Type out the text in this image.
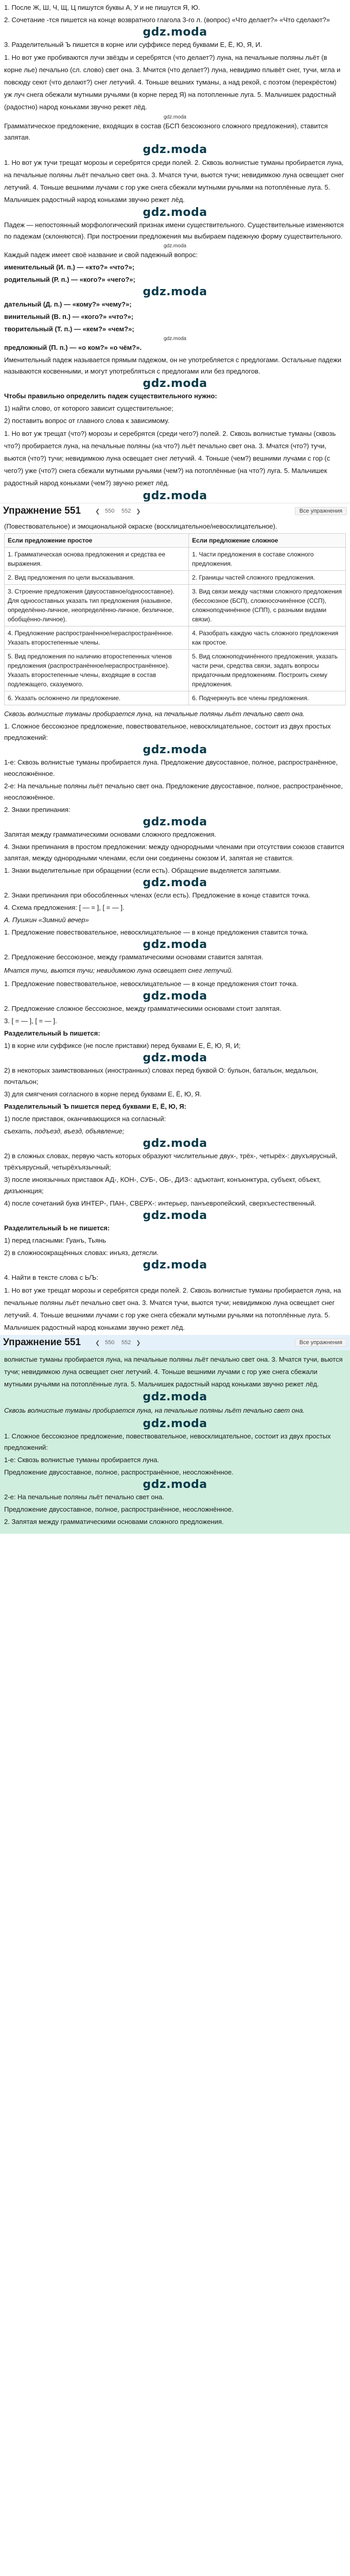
1. После Ж, Ш, Ч, Щ, Ц пишутся буквы А, У и не пишутся Я, Ю.

2. Сочетание -тся пишется на конце возвратного глагола 3-го л. (вопрос) «Что делает?» «Что сделают?»

gdz.moda

3. Разделительный Ъ пишется в корне или суффиксе перед буквами Е, Ё, Ю, Я, И.

1. Но вот уже пробиваются лучи звёзды и серебрятся (что делает?) луна, на печальные поляны льёт (в корне лье) печально (сл. слово) свет она. 3. Мчится (что делает?) луна, невидимо плывёт снег, тучи, мгла и повсюду сеют (что делают?) снег летучий. 4. Тоньше вешних туманы, а над рекой, с поэтом (перекрёстом) уж луч снега обежали мутными ручьями (в корне перед Я) на потопленные луга. 5. Мальчишек радостный (радостно) народ коньками звучно режет лёд.

gdz.moda

Грамматическое предложение, входящих в состав (БСП безсоюзного сложного предложения), ставится запятая.

gdz.moda

1. Но вот уж тучи трещат морозы и серебрятся среди полей. 2. Сквозь волнистые туманы пробирается луна, на печальные поляны льёт печально свет она. 3. Мчатся тучи, вьются тучи; невидимкою луна освещает снег летучий. 4. Тоньше вешними лучами с гор уже снега сбежали мутными ручьями на потоплённые луга. 5. Мальчишек радостный народ коньками звучно режет лёд.

gdz.moda

Падеж — непостоянный морфологический признак имени существительного. Существительные изменяются по падежам (склоняются). При построении предложения мы выбираем падежную форму существительного.

gdz.moda

Каждый падеж имеет своё название и свой падежный вопрос:

именительный (И. п.) — «кто?» «что?»;

родительный (Р. п.) — «кого?» «чего?»;

gdz.moda

дательный (Д. п.) — «кому?» «чему?»;

винительный (В. п.) — «кого?» «что?»;

творительный (Т. п.) — «кем?» «чем?»;

gdz.moda

предложный (П. п.) — «о ком?» «о чём?».

Именительный падеж называется прямым падежом, он не употребляется с предлогами. Остальные падежи называются косвенными, и могут употребляться с предлогами или без предлогов.

gdz.moda

Чтобы правильно определить падеж существительного нужно:

1) найти слово, от которого зависит существительное;

2) поставить вопрос от главного слова к зависимому.

1. Но вот уж трещат (что?) морозы и серебрятся (среди чего?) полей. 2. Сквозь волнистые туманы (сквозь что?) пробирается луна, на печальные поляны (на что?) льёт печально свет она. 3. Мчатся (что?) тучи, вьются (что?) тучи; невидимкою луна освещает снег летучий. 4. Тоньше (чем?) вешними лучами с гор (с чего?) уже (что?) снега сбежали мутными ручьями (чем?) на потоплённые (на что?) луга. 5. Мальчишек радостный народ коньками (чем?) звучно режет лёд.

gdz.moda
Упражнение 551	❮ 550	552 ❯	Все упражнения

(Повествовательное) и эмоциональной окраске (восклицательное/невосклицательное).

Если предложение простое	Если предложение сложное
1. Грамматическая основа предложения и средства ее выражения.	1. Части предложения в составе сложного предложения.
2. Вид предложения по цели высказывания.	2. Границы частей сложного предложения.
3. Строение предложения (двусоставное/односоставное). Для односоставных указать тип предложения (назывное, определённо-личное, неопределённо-личное, безличное, обобщённо-личное).	3. Вид связи между частями сложного предложения (бессоюзное (БСП), сложносочинённое (ССП), сложноподчинённое (СПП), с разными видами связи).
4. Предложение распространённое/нераспространённое. Указать второстепенные члены.	4. Разобрать каждую часть сложного предложения как простое.
5. Вид предложения по наличию второстепенных членов предложения (распространённое/нераспространённое). Указать второстепенные члены, входящие в состав подлежащего, сказуемого.	5. Вид сложноподчинённого предложения, указать части речи, средства связи, задать вопросы придаточным предложениям. Построить схему предложения.
6. Указать осложнено ли предложение.	6. Подчеркнуть все члены предложения.

Сквозь волнистые туманы пробирается луна, на печальные поляны льёт печально свет она.

1. Сложное бессоюзное предложение, повествовательное, невосклицательное, состоит из двух простых предложений:

gdz.moda

1-е: Сквозь волнистые туманы пробирается луна. Предложение двусоставное, полное, распространённое, неосложнённое.

2-е: На печальные поляны льёт печально свет она. Предложение двусоставное, полное, распространённое, неосложнённое.

2. Знаки препинания:

gdz.moda

Запятая между грамматическими основами сложного предложения.

4. Знаки препинания в простом предложении: между однородными членами при отсутствии союзов ставится запятая, между однородными членами, если они соединены союзом И, запятая не ставится.

1. Знаки выделительные при обращении (если есть). Обращение выделяется запятыми.

gdz.moda

2. Знаки препинания при обособленных членах (если есть). Предложение в конце ставится точка.

4. Схема предложения: [ — = ], [ = — ].

А. Пушкин «Зимний вечер»

1. Предложение повествовательное, невосклицательное — в конце предложения ставится точка.

gdz.moda

2. Предложение бессоюзное, между грамматическими основами ставится запятая.

Мчатся тучи, вьются тучи; невидимкою луна освещает снег летучий.

1. Предложение повествовательное, невосклицательное — в конце предложения стоит точка.

gdz.moda

2. Предложение сложное бессоюзное, между грамматическими основами стоит запятая.

3. [ = — ], [ = — ].

Разделительный Ь пишется:

1) в корне или суффиксе (не после приставки) перед буквами Е, Ё, Ю, Я, И;

gdz.moda

2) в некоторых заимствованных (иностранных) словах перед буквой О: бульон, батальон, медальон, почтальон;

3) для смягчения согласного в корне перед буквами Е, Ё, Ю, Я.

Разделительный Ъ пишется перед буквами Е, Ё, Ю, Я:

1) после приставок, оканчивающихся на согласный:

съехать, подъезд, въезд, объявление;

gdz.moda

2) в сложных словах, первую часть которых образуют числительные двух-, трёх-, четырёх-: двухъярусный, трёхъярусный, четырёхъязычный;

3) после иноязычных приставок АД-, КОН-, СУБ-, ОБ-, ДИЗ-: адъютант, конъюнктура, субъект, объект, дизъюнкция;

4) после сочетаний букв ИНТЕР-, ПАН-, СВЕРХ-: интерьер, панъевропейский, сверхъестественный.

gdz.moda

Разделительный Ь не пишется:

1) перед гласными: Гуанъ, Тьянь

2) в сложносокращённых словах: инъяз, детясли.

gdz.moda

4. Найти в тексте слова с Ь/Ъ:

1. Но вот уже трещат морозы и серебрятся среди полей. 2. Сквозь волнистые туманы пробирается луна, на печальные поляны льёт печально свет она. 3. Мчатся тучи, вьются тучи; невидимкою луна освещает снег летучий. 4. Тоньше вешними лучами с гор уже снега сбежали мутными ручьями на потоплённые луга. 5. Мальчишек радостный народ коньками звучно режет лёд.

Упражнение 551	❮ 550	552 ❯	Все упражнения

волнистые туманы пробирается луна, на печальные поляны льёт печально свет она. 3. Мчатся тучи, вьются тучи; невидимкою луна освещает снег летучий. 4. Тоньше вешними лучами с гор уже снега сбежали мутными ручьями на потоплённые луга. 5. Мальчишек радостный народ коньками звучно режет лёд.

gdz.moda

Сквозь волнистые туманы пробирается луна, на печальные поляны льёт печально свет она.

gdz.moda

1. Сложное бессоюзное предложение, повествовательное, невосклицательное, состоит из двух простых предложений:

1-е: Сквозь волнистые туманы пробирается луна.

Предложение двусоставное, полное, распространённое, неосложнённое.

gdz.moda

2-е: На печальные поляны льёт печально свет она.

Предложение двусоставное, полное, распространённое, неосложнённое.

2. Запятая между грамматическими основами сложного предложения.
